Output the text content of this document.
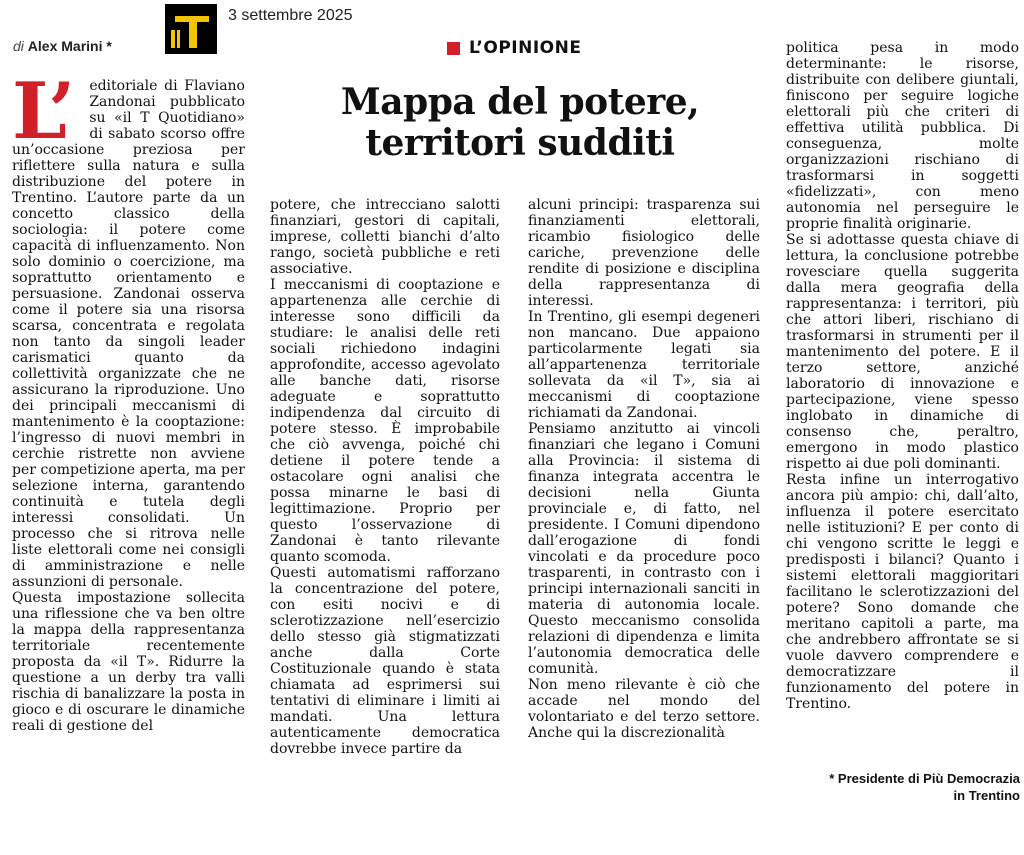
3 settembre 2025
di Alex Marini *	L’OPINIONE
Mappa del potere, territori sudditi

L’ editoriale di Flaviano Zandonai pubblicato su «il T Quotidiano» di sabato scorso offre un’occasione preziosa per riflettere sulla natura e sulla distribuzione del potere in Trentino. L’autore parte da un concetto classico della sociologia: il potere come capacità di influenzamento. Non solo dominio o coercizione, ma soprattutto orientamento e persuasione. Zandonai osserva come il potere sia una risorsa scarsa, concentrata e regolata non tanto da singoli leader carismatici quanto da collettività organizzate che ne assicurano la riproduzione. Uno dei principali meccanismi di mantenimento è la cooptazione: l’ingresso di nuovi membri in cerchie ristrette non avviene per competizione aperta, ma per selezione interna, garantendo continuità e tutela degli interessi consolidati. Un processo che si ritrova nelle liste elettorali come nei consigli di amministrazione e nelle assunzioni di personale.

Questa impostazione sollecita una riflessione che va ben oltre la mappa della rappresentanza territoriale recentemente proposta da «il T». Ridurre la questione a un derby tra valli rischia di banalizzare la posta in gioco e di oscurare le dinamiche reali di gestione del

potere, che intrecciano salotti finanziari, gestori di capitali, imprese, colletti bianchi d’alto rango, società pubbliche e reti associative.

I meccanismi di cooptazione e appartenenza alle cerchie di interesse sono difficili da studiare: le analisi delle reti sociali richiedono indagini approfondite, accesso agevolato alle banche dati, risorse adeguate e soprattutto indipendenza dal circuito di potere stesso. È improbabile che ciò avvenga, poiché chi detiene il potere tende a ostacolare ogni analisi che possa minarne le basi di legittimazione. Proprio per questo l’osservazione di Zandonai è tanto rilevante quanto scomoda.

Questi automatismi rafforzano la concentrazione del potere, con esiti nocivi e di sclerotizzazione nell’esercizio dello stesso già stigmatizzati anche dalla Corte Costituzionale quando è stata chiamata ad esprimersi sui tentativi di eliminare i limiti ai mandati. Una lettura autenticamente democratica dovrebbe invece partire da

alcuni principi: trasparenza sui finanziamenti elettorali, ricambio fisiologico delle cariche, prevenzione delle rendite di posizione e disciplina della rappresentanza di interessi.

In Trentino, gli esempi degeneri non mancano. Due appaiono particolarmente legati sia all’appartenenza territoriale sollevata da «il T», sia ai meccanismi di cooptazione richiamati da Zandonai.

Pensiamo anzitutto ai vincoli finanziari che legano i Comuni alla Provincia: il sistema di finanza integrata accentra le decisioni nella Giunta provinciale e, di fatto, nel presidente. I Comuni dipendono dall’erogazione di fondi vincolati e da procedure poco trasparenti, in contrasto con i principi internazionali sanciti in materia di autonomia locale. Questo meccanismo consolida relazioni di dipendenza e limita l’autonomia democratica delle comunità.

Non meno rilevante è ciò che accade nel mondo del volontariato e del terzo settore. Anche qui la discrezionalità

politica pesa in modo determinante: le risorse, distribuite con delibere giuntali, finiscono per seguire logiche elettorali più che criteri di effettiva utilità pubblica. Di conseguenza, molte organizzazioni rischiano di trasformarsi in soggetti «fidelizzati», con meno autonomia nel perseguire le proprie finalità originarie.

Se si adottasse questa chiave di lettura, la conclusione potrebbe rovesciare quella suggerita dalla mera geografia della rappresentanza: i territori, più che attori liberi, rischiano di trasformarsi in strumenti per il mantenimento del potere. E il terzo settore, anziché laboratorio di innovazione e partecipazione, viene spesso inglobato in dinamiche di consenso che, peraltro, emergono in modo plastico rispetto ai due poli dominanti.

Resta infine un interrogativo ancora più ampio: chi, dall’alto, influenza il potere esercitato nelle istituzioni? E per conto di chi vengono scritte le leggi e predisposti i bilanci? Quanto i sistemi elettorali maggioritari facilitano le sclerotizzazioni del potere? Sono domande che meritano capitoli a parte, ma che andrebbero affrontate se si vuole davvero comprendere e democratizzare il funzionamento del potere in Trentino.

* Presidente di Più Democrazia
in Trentino
